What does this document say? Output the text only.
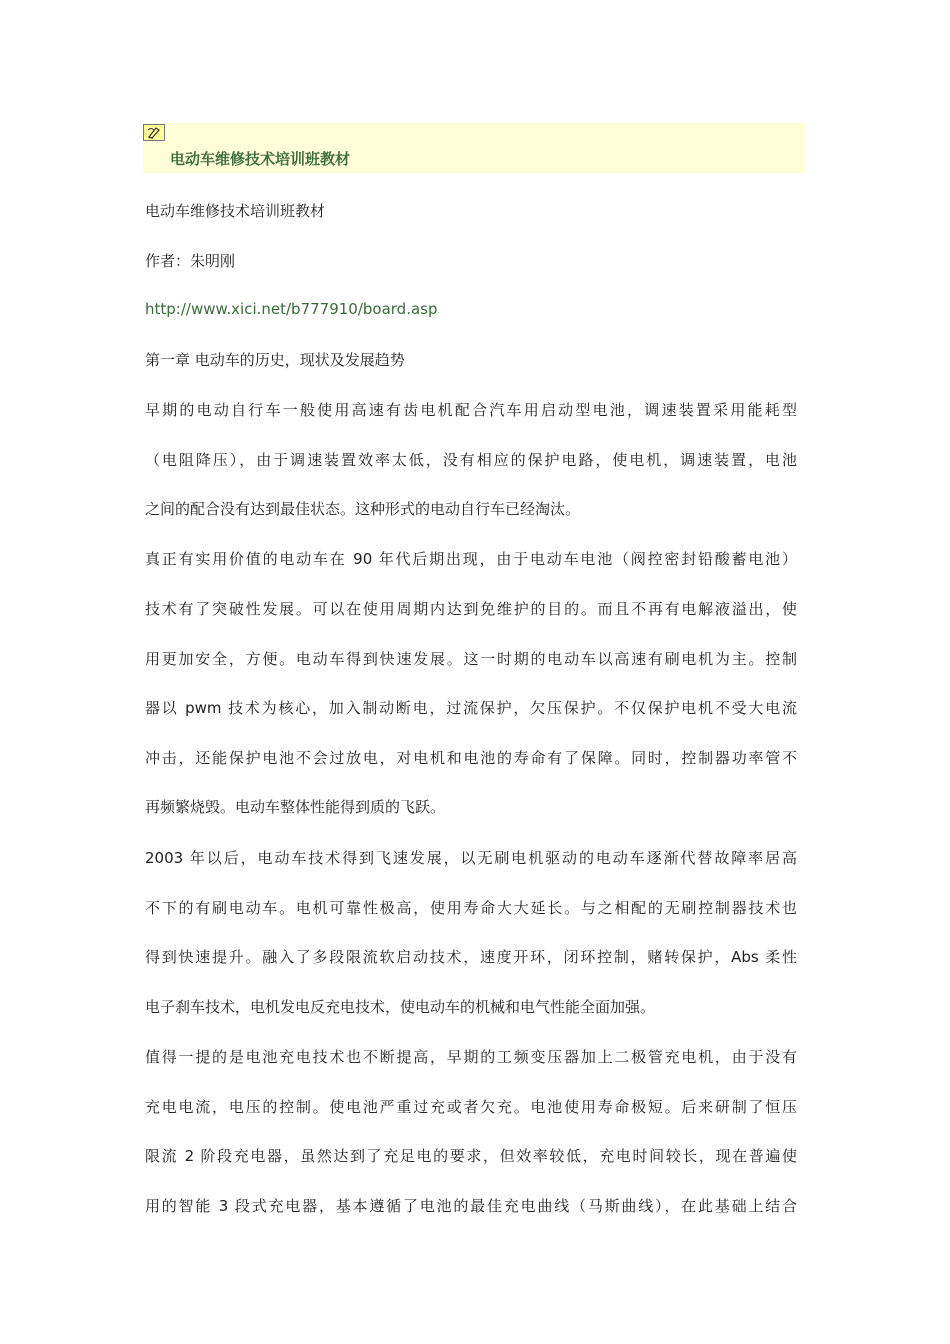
电动车维修技术培训班教材
电动车维修技术培训班教材
作者：朱明刚
http://www.xici.net/b777910/board.asp
第一章 电动车的历史，现状及发展趋势
早期的电动自行车一般使用高速有齿电机配合汽车用启动型电池，调速装置采用能耗型
（电阻降压），由于调速装置效率太低，没有相应的保护电路，使电机，调速装置，电池
之间的配合没有达到最佳状态。这种形式的电动自行车已经淘汰。
真正有实用价值的电动车在 90 年代后期出现，由于电动车电池（阀控密封铅酸蓄电池）
技术有了突破性发展。可以在使用周期内达到免维护的目的。而且不再有电解液溢出，使
用更加安全，方便。电动车得到快速发展。这一时期的电动车以高速有刷电机为主。控制
器以 pwm 技术为核心，加入制动断电，过流保护，欠压保护。不仅保护电机不受大电流
冲击，还能保护电池不会过放电，对电机和电池的寿命有了保障。同时，控制器功率管不
再频繁烧毁。电动车整体性能得到质的飞跃。
2003 年以后，电动车技术得到飞速发展，以无刷电机驱动的电动车逐渐代替故障率居高
不下的有刷电动车。电机可靠性极高，使用寿命大大延长。与之相配的无刷控制器技术也
得到快速提升。融入了多段限流软启动技术，速度开环，闭环控制，赌转保护，Abs 柔性
电子刹车技术，电机发电反充电技术，使电动车的机械和电气性能全面加强。
值得一提的是电池充电技术也不断提高，早期的工频变压器加上二极管充电机，由于没有
充电电流，电压的控制。使电池严重过充或者欠充。电池使用寿命极短。后来研制了恒压
限流 2 阶段充电器，虽然达到了充足电的要求，但效率较低，充电时间较长，现在普遍使
用的智能 3 段式充电器，基本遵循了电池的最佳充电曲线（马斯曲线），在此基础上结合
